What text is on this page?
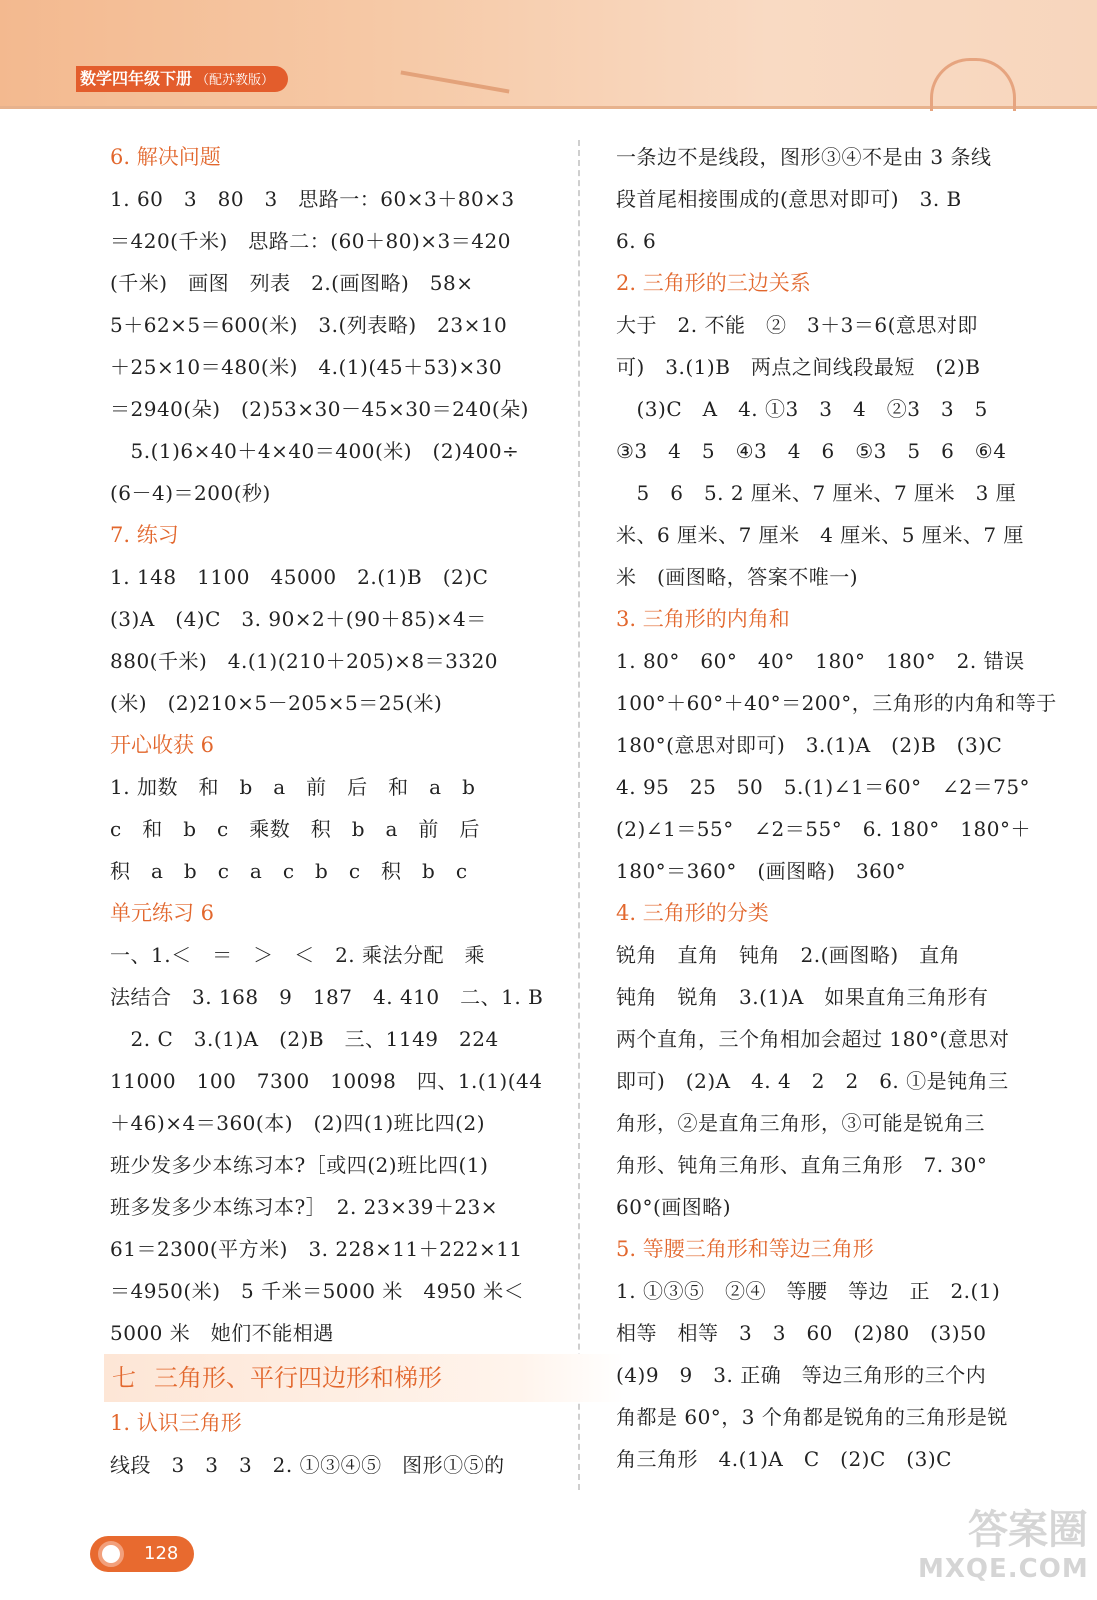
数学四年级下册 （配苏教版）
6. 解决问题
1. 60　3　80　3　思路一：60×3＋80×3
＝420(千米)　思路二：(60＋80)×3＝420
(千米)　画图　列表　2.(画图略)　58×
5＋62×5＝600(米)　3.(列表略)　23×10
＋25×10＝480(米)　4.(1)(45＋53)×30
＝2940(朵)　(2)53×30－45×30＝240(朵)
　5.(1)6×40＋4×40＝400(米)　(2)400÷
(6－4)＝200(秒)
7. 练习
1. 148　1100　45000　2.(1)B　(2)C
(3)A　(4)C　3. 90×2＋(90＋85)×4＝
880(千米)　4.(1)(210＋205)×8＝3320
(米)　(2)210×5－205×5＝25(米)
开心收获 6
1. 加数　和　b　a　前　后　和　a　b
c　和　b　c　乘数　积　b　a　前　后
积　a　b　c　a　c　b　c　积　b　c
单元练习 6
一、1.＜　＝　＞　＜　2. 乘法分配　乘
法结合　3. 168　9　187　4. 410　二、1. B
　2. C　3.(1)A　(2)B　三、1149　224
11000　100　7300　10098　四、1.(1)(44
＋46)×4＝360(本)　(2)四(1)班比四(2)
班少发多少本练习本?［或四(2)班比四(1)
班多发多少本练习本?］　2. 23×39＋23×
61＝2300(平方米)　3. 228×11＋222×11
＝4950(米)　5 千米＝5000 米　4950 米＜
5000 米　她们不能相遇
七 三角形、平行四边形和梯形
1. 认识三角形
线段　3　3　3　2. ①③④⑤　图形①⑤的
一条边不是线段，图形③④不是由 3 条线
段首尾相接围成的(意思对即可)　3. B
6. 6
2. 三角形的三边关系
大于　2. 不能　②　3＋3＝6(意思对即
可)　3.(1)B　两点之间线段最短　(2)B
　(3)C　A　4. ①3　3　4　②3　3　5
③3　4　5　④3　4　6　⑤3　5　6　⑥4
　5　6　5. 2 厘米、7 厘米、7 厘米　3 厘
米、6 厘米、7 厘米　4 厘米、5 厘米、7 厘
米　(画图略，答案不唯一)
3. 三角形的内角和
1. 80°　60°　40°　180°　180°　2. 错误
100°＋60°＋40°＝200°，三角形的内角和等于
180°(意思对即可)　3.(1)A　(2)B　(3)C
4. 95　25　50　5.(1)∠1＝60°　∠2＝75°
(2)∠1＝55°　∠2＝55°　6. 180°　180°＋
180°＝360°　(画图略)　360°
4. 三角形的分类
锐角　直角　钝角　2.(画图略)　直角
钝角　锐角　3.(1)A　如果直角三角形有
两个直角，三个角相加会超过 180°(意思对
即可)　(2)A　4. 4　2　2　6. ①是钝角三
角形，②是直角三角形，③可能是锐角三
角形、钝角三角形、直角三角形　7. 30°
60°(画图略)
5. 等腰三角形和等边三角形
1. ①③⑤　②④　等腰　等边　正　2.(1)
相等　相等　3　3　60　(2)80　(3)50
(4)9　9　3. 正确　等边三角形的三个内
角都是 60°，3 个角都是锐角的三角形是锐
角三角形　4.(1)A　C　(2)C　(3)C
128
答案圈
MXQE.COM
